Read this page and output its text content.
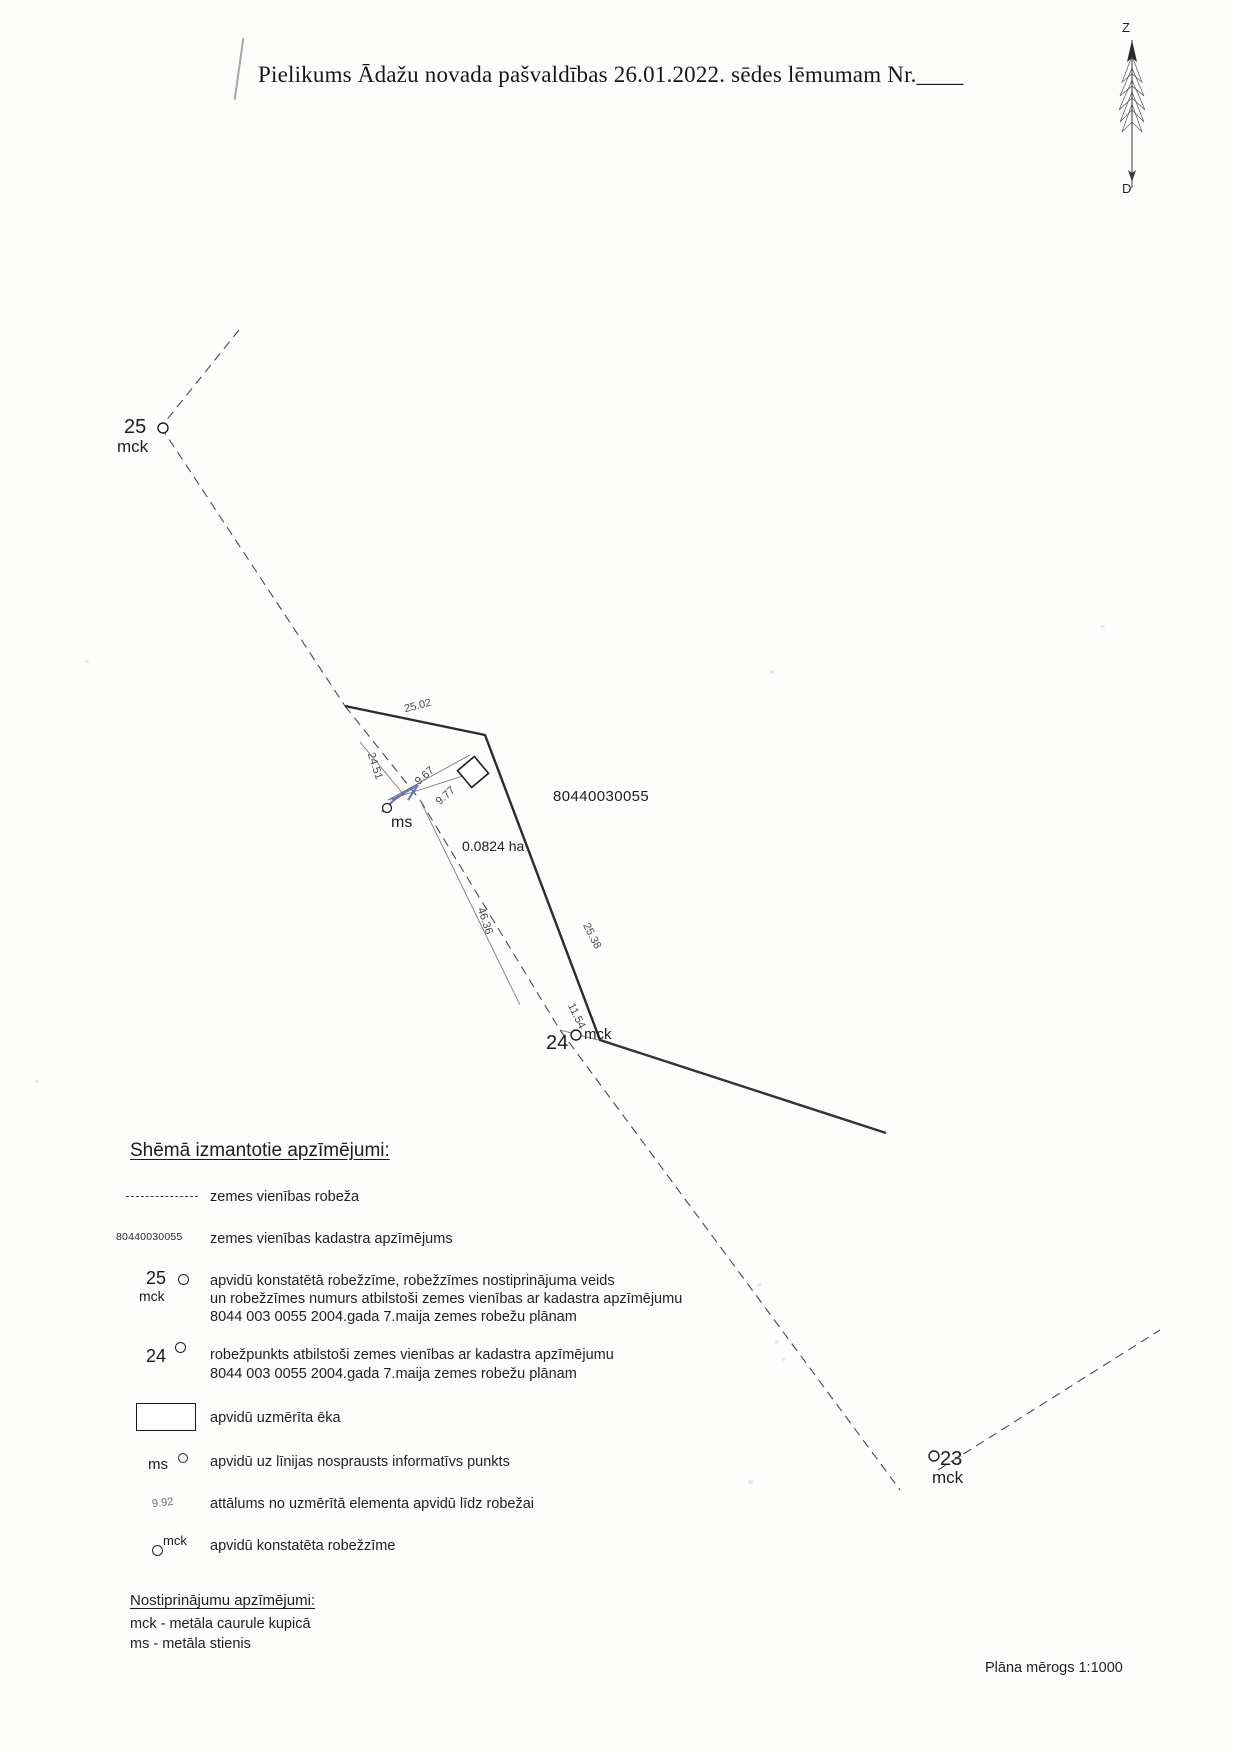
Pielikums Ādažu novada pašvaldības 26.01.2022. sēdes lēmumam Nr.____
Z
D
25
mck
24 mck
23
mck
ms
80440030055
0.0824 ha
25.02
24.51	9.67
9.77
46.36
25.38
11.54
Shēmā izmantotie apzīmējumi:
zemes vienības robeža
80440030055 zemes vienības kadastra apzīmējums
25
mck
apvidū konstatētā robežzīme, robežzīmes nostiprinājuma veids
un robežzīmes numurs atbilstoši zemes vienības ar kadastra apzīmējumu
8044 003 0055 2004.gada 7.maija zemes robežu plānam
24	robežpunkts atbilstoši zemes vienības ar kadastra apzīmējumu
8044 003 0055 2004.gada 7.maija zemes robežu plānam
apvidū uzmērīta ēka
ms	apvidū uz līnijas nosprausts informatīvs punkts
9.92 attālums no uzmērītā elementa apvidū līdz robežai
mck apvidū konstatēta robežzīme
Nostiprinājumu apzīmējumi:
mck - metāla caurule kupicā
ms - metāla stienis
Plāna mērogs 1:1000
